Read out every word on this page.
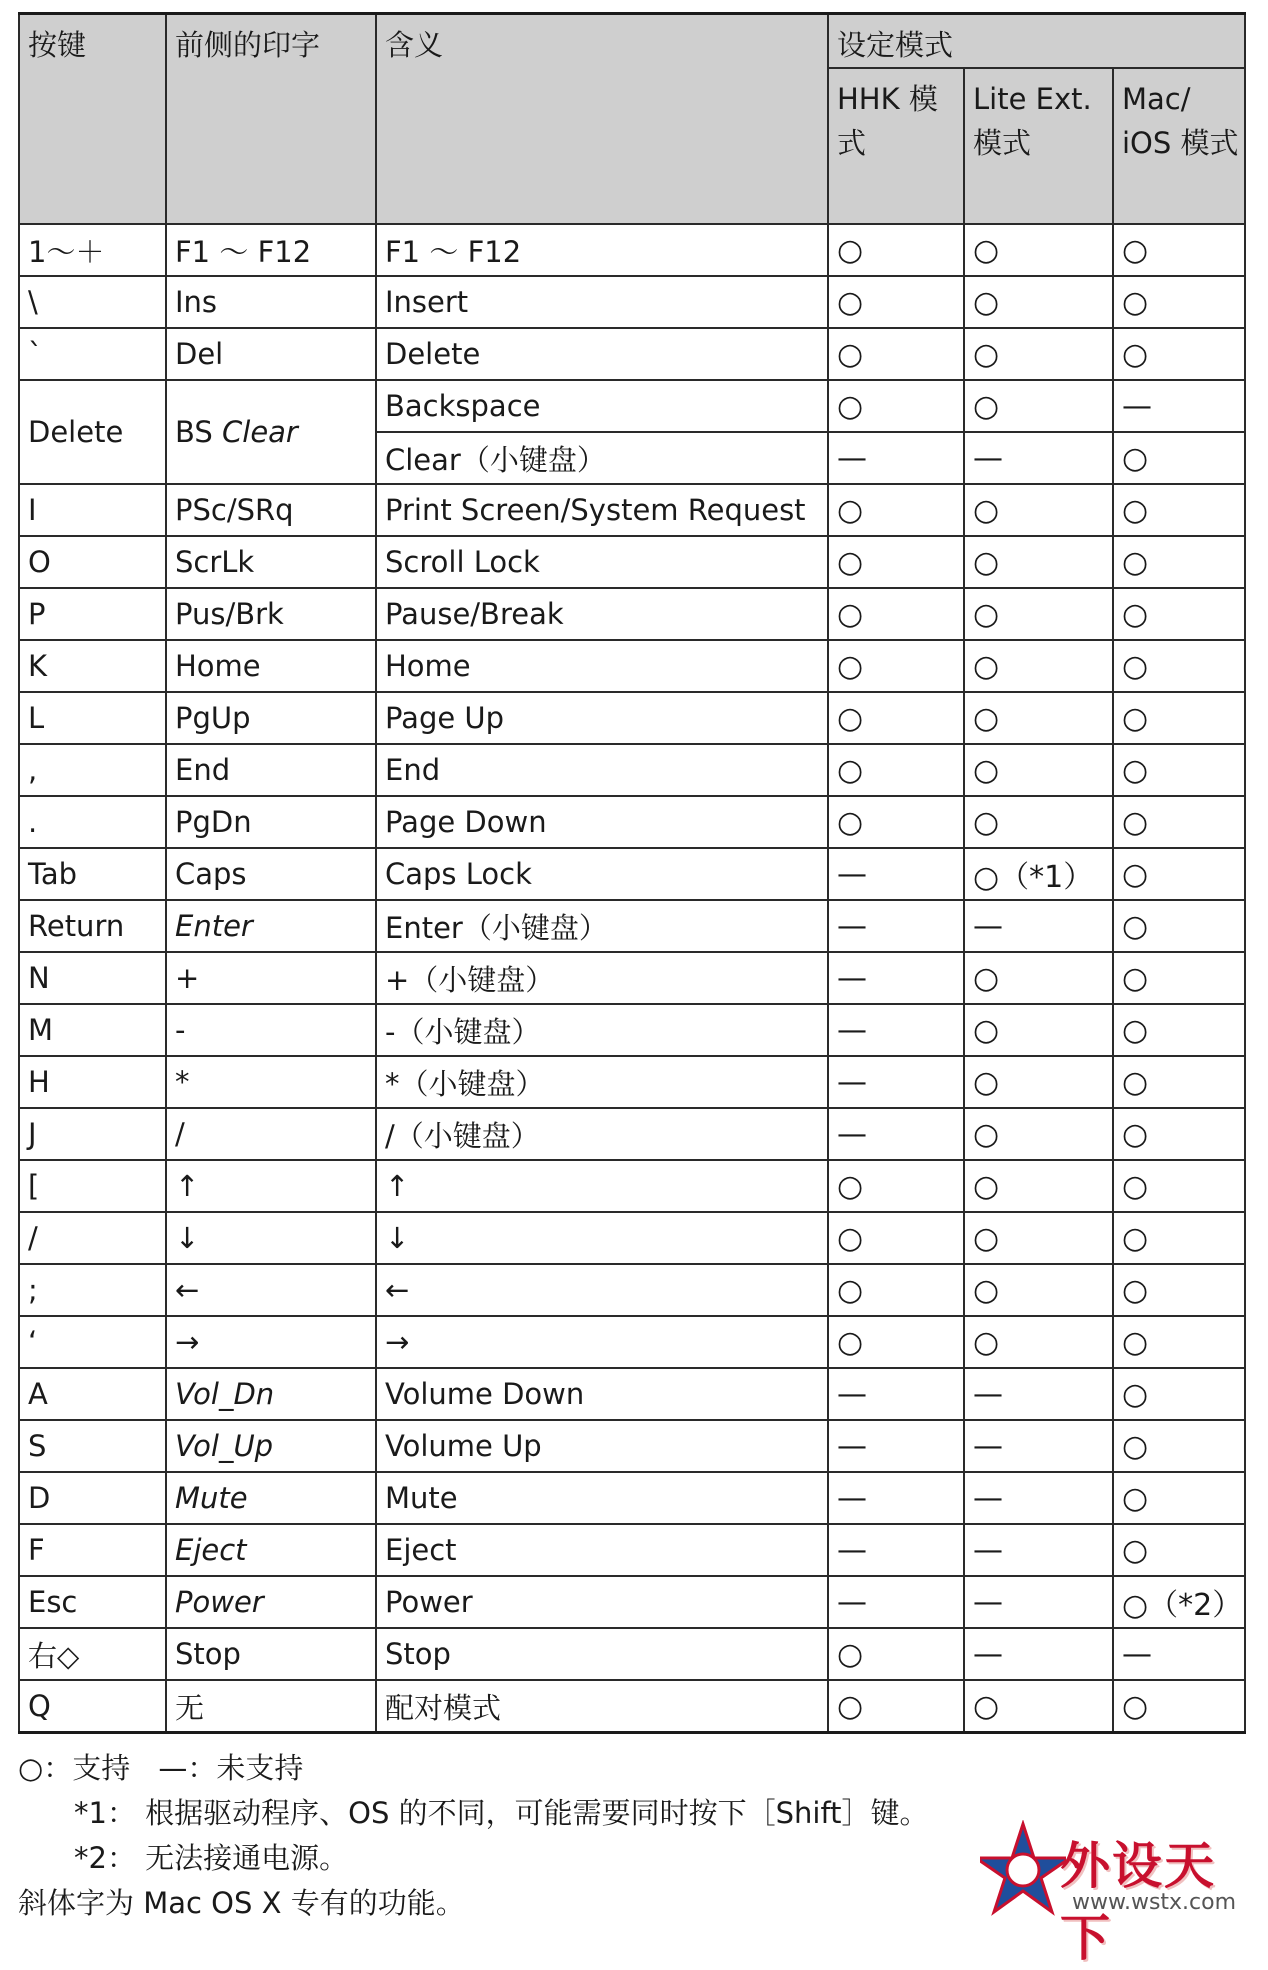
按键	前侧的印字	含义	设定模式		
			HHK 模式	Lite Ext. 模式	Mac/ iOS 模式
1～＋	F1 ～ F12	F1 ～ F12	○	○	○
\	Ins	Insert	○	○	○
`	Del	Delete	○	○	○
Delete	BS Clear	Backspace	○	○	—
		Clear（小键盘）	—	—	○
I	PSc/SRq	Print Screen/System Request	○	○	○
O	ScrLk	Scroll Lock	○	○	○
P	Pus/Brk	Pause/Break	○	○	○
K	Home	Home	○	○	○
L	PgUp	Page Up	○	○	○
,	End	End	○	○	○
.	PgDn	Page Down	○	○	○
Tab	Caps	Caps Lock	—	○（*1）	○
Return	Enter	Enter（小键盘）	—	—	○
N	+	+（小键盘）	—	○	○
M	-	-（小键盘）	—	○	○
H	*	*（小键盘）	—	○	○
J	/	/（小键盘）	—	○	○
[	↑	↑	○	○	○
/	↓	↓	○	○	○
;	←	←	○	○	○
‘	→	→	○	○	○
A	Vol_Dn	Volume Down	—	—	○
S	Vol_Up	Volume Up	—	—	○
D	Mute	Mute	—	—	○
F	Eject	Eject	—	—	○
Esc	Power	Power	—	—	○（*2）
右◇	Stop	Stop	○	—	—
Q	无	配对模式	○	○	○
○：支持 —：未支持
*1： 根据驱动程序、OS 的不同，可能需要同时按下［Shift］键。
*2： 无法接通电源。
斜体字为 Mac OS X 专有的功能。
外设天下
www.wstx.com
